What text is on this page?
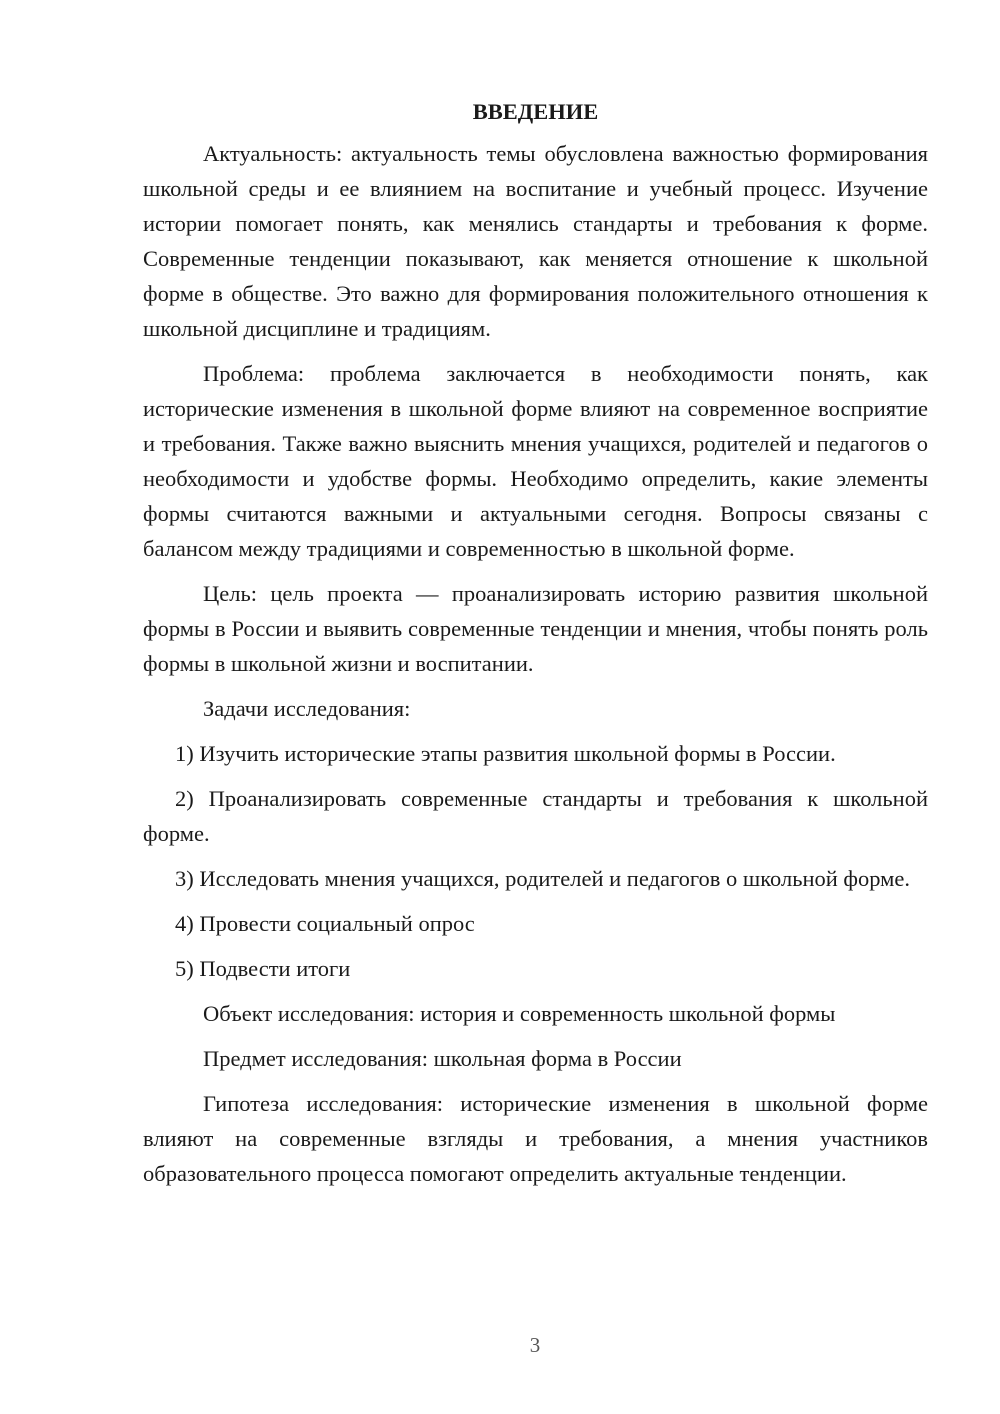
ВВЕДЕНИЕ

Актуальность: актуальность темы обусловлена важностью формирования школьной среды и ее влиянием на воспитание и учебный процесс. Изучение истории помогает понять, как менялись стандарты и требования к форме. Современные тенденции показывают, как меняется отношение к школьной форме в обществе. Это важно для формирования положительного отношения к школьной дисциплине и традициям.

Проблема: проблема заключается в необходимости понять, как исторические изменения в школьной форме влияют на современное восприятие и требования. Также важно выяснить мнения учащихся, родителей и педагогов о необходимости и удобстве формы. Необходимо определить, какие элементы формы считаются важными и актуальными сегодня. Вопросы связаны с балансом между традициями и современностью в школьной форме.

Цель: цель проекта — проанализировать историю развития школьной формы в России и выявить современные тенденции и мнения, чтобы понять роль формы в школьной жизни и воспитании.

Задачи исследования:

1) Изучить исторические этапы развития школьной формы в России.

2) Проанализировать современные стандарты и требования к школьной форме.

3) Исследовать мнения учащихся, родителей и педагогов о школьной форме.

4) Провести социальный опрос

5) Подвести итоги

Объект исследования: история и современность школьной формы

Предмет исследования: школьная форма в России

Гипотеза исследования: исторические изменения в школьной форме влияют на современные взгляды и требования, а мнения участников образовательного процесса помогают определить актуальные тенденции.

3
